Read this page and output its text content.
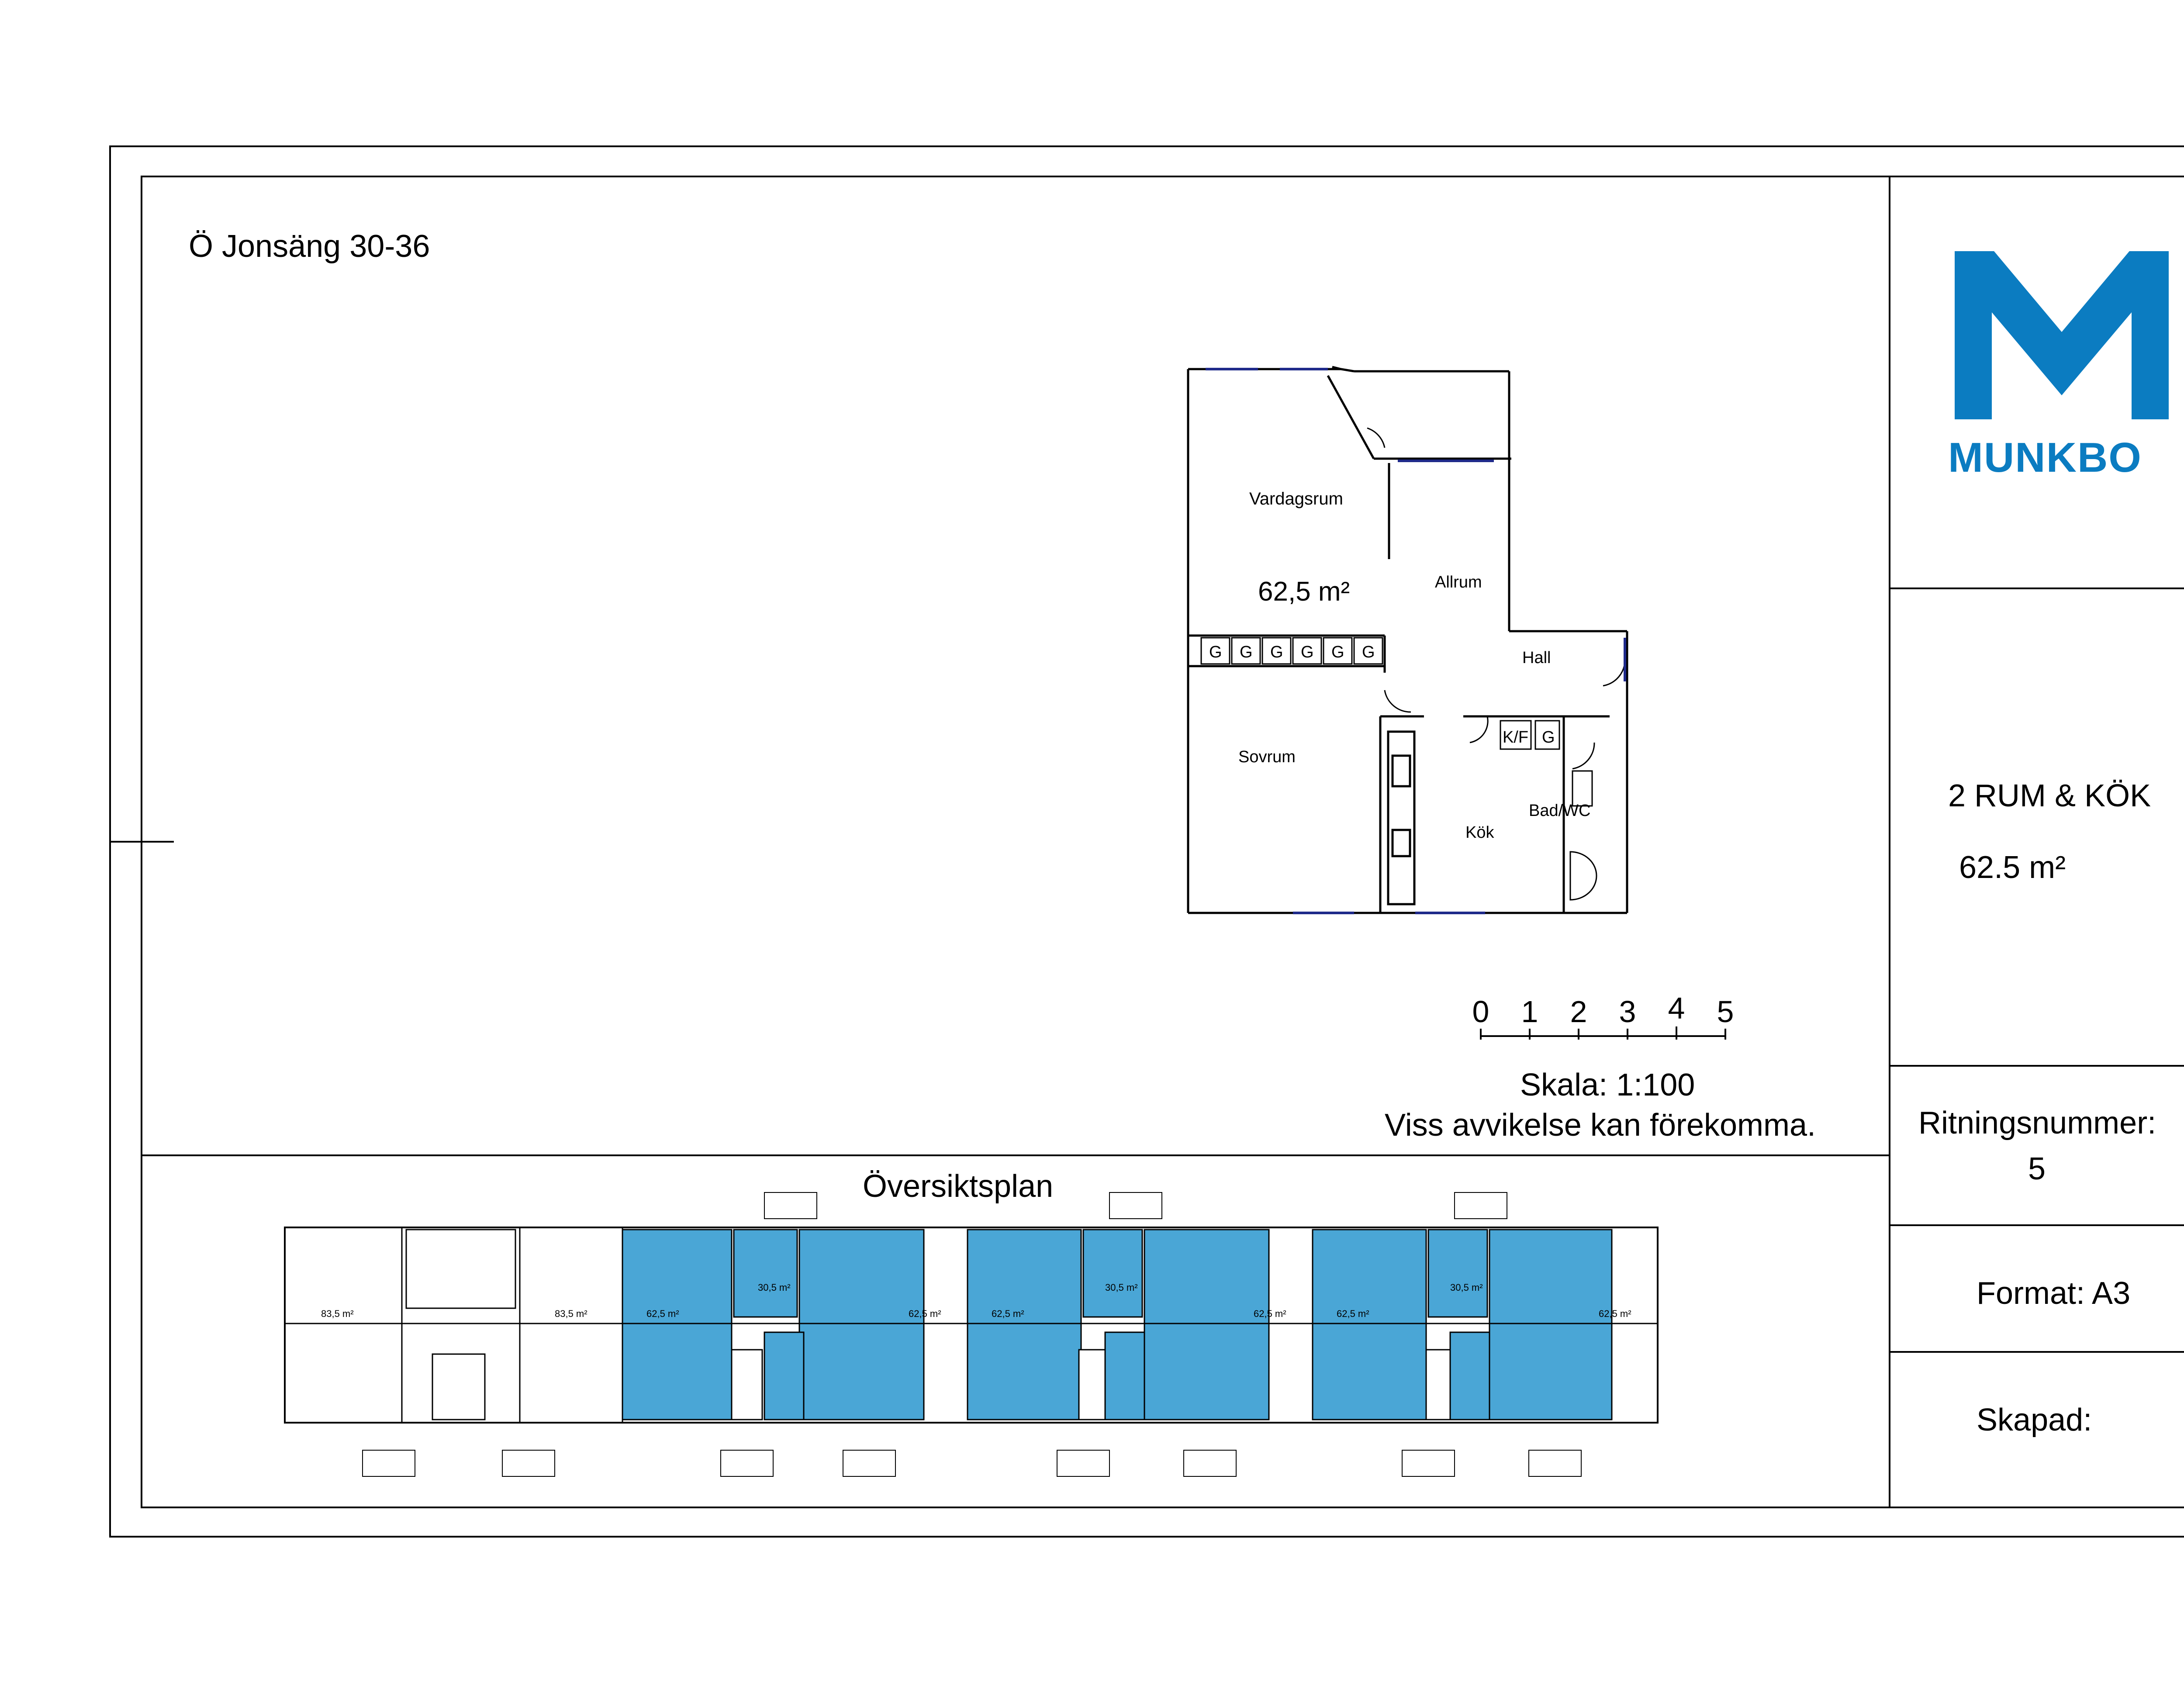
Ö Jonsäng 30-36
Vardagsrum
62,5 m²	Allrum
Hall
Sovrum
Kök
Bad/WC
K/F G
G G G G G G
0 1 2 3 4 5
Skala: 1:100
Viss avvikelse kan förekomma.
Översiktsplan
83,5 m²	83,5 m²	62,5 m²
30,5 m²
62,5 m²	62,5 m²
30,5 m²
62,5 m²	62,5 m²
30,5 m²
62,5 m²
MUNKBO
2 RUM & KÖK
62.5 m²
Ritningsnummer:
5
Format: A3
Skapad:
